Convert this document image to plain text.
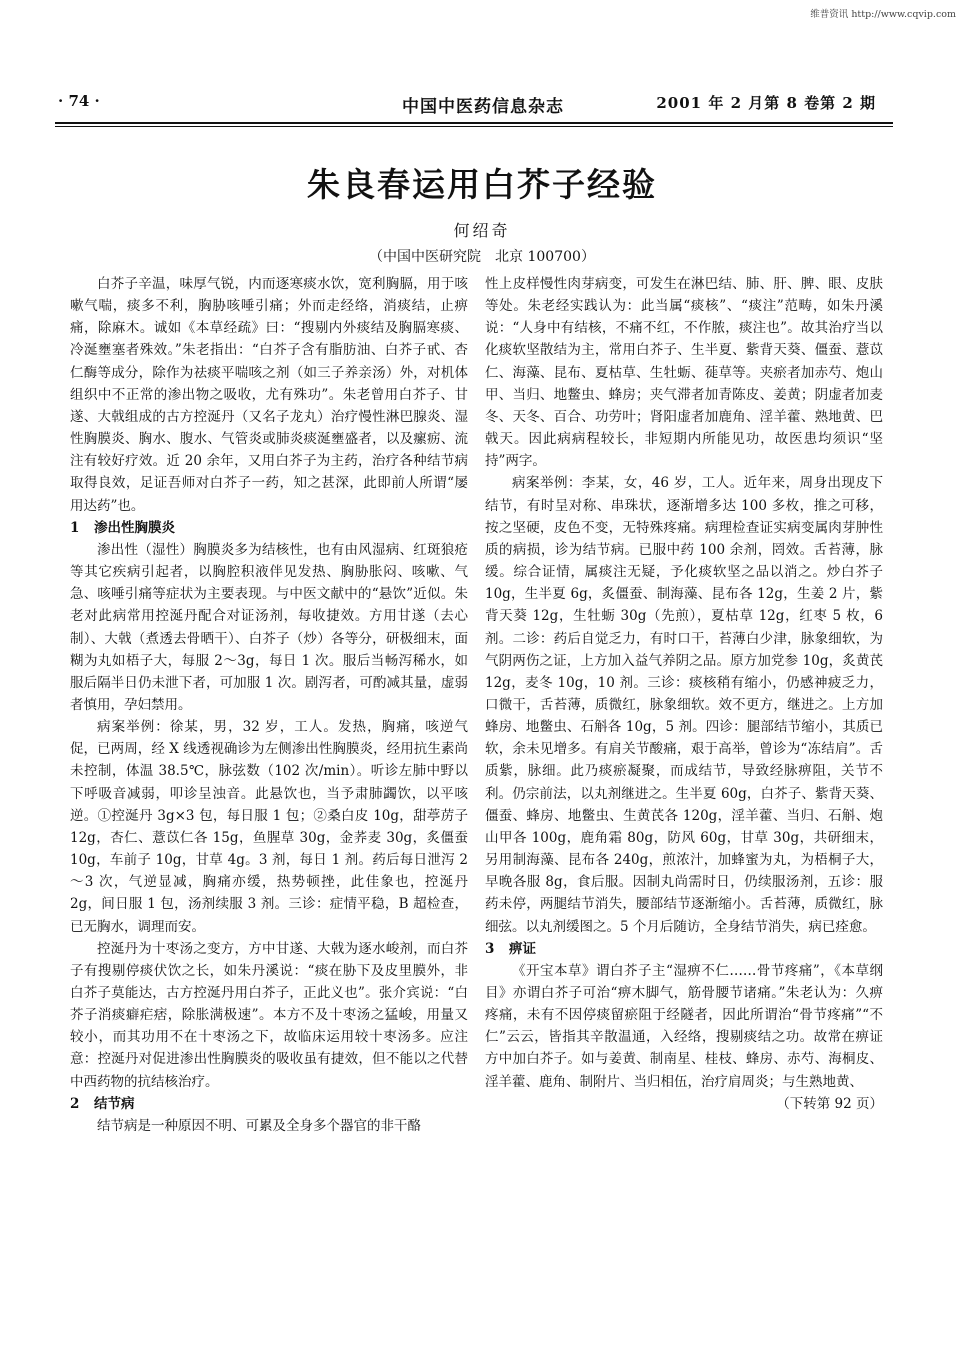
维普资讯 http://www.cqvip.com
· 74 ·	中国中医药信息杂志	2001 年 2 月第 8 卷第 2 期
朱良春运用白芥子经验
何绍奇
（中国中医研究院　北京 100700）

白芥子辛温，味厚气锐，内而逐寒痰水饮，宽利胸膈，用于咳嗽气喘，痰多不利，胸胁咳唾引痛；外而走经络，消痰结，止痹痛，除麻木。诚如《本草经疏》曰：“搜剔内外痰结及胸膈寒痰、冷涎壅塞者殊效。”朱老指出：“白芥子含有脂肪油、白芥子甙、杏仁酶等成分，除作为祛痰平喘咳之剂（如三子养亲汤）外，对机体组织中不正常的渗出物之吸收，尤有殊功”。朱老曾用白芥子、甘遂、大戟组成的古方控涎丹（又名子龙丸）治疗慢性淋巴腺炎、湿性胸膜炎、胸水、腹水、气管炎或肺炎痰涎壅盛者，以及瘰疬、流注有较好疗效。近 20 余年，又用白芥子为主药，治疗各种结节病取得良效，足证吾师对白芥子一药，知之甚深，此即前人所谓“屡用达药”也。

1 渗出性胸膜炎

渗出性（湿性）胸膜炎多为结核性，也有由风湿病、红斑狼疮等其它疾病引起者，以胸腔积液伴见发热、胸胁胀闷、咳嗽、气急、咳唾引痛等症状为主要表现。与中医文献中的“悬饮”近似。朱老对此病常用控涎丹配合对证汤剂，每收捷效。方用甘遂（去心制）、大戟（煮透去骨晒干）、白芥子（炒）各等分，研极细末，面糊为丸如梧子大，每服 2～3g，每日 1 次。服后当畅泻稀水，如服后隔半日仍未泄下者，可加服 1 次。剧泻者，可酌减其量，虚弱者慎用，孕妇禁用。

病案举例：徐某，男，32 岁，工人。发热，胸痛，咳逆气促，已两周，经 X 线透视确诊为左侧渗出性胸膜炎，经用抗生素尚未控制，体温 38.5℃，脉弦数（102 次/min）。听诊左肺中野以下呼吸音减弱，叩诊呈浊音。此悬饮也，当予肃肺蠲饮，以平咳逆。①控涎丹 3g×3 包，每日服 1 包；②桑白皮 10g，甜葶苈子 12g，杏仁、薏苡仁各 15g，鱼腥草 30g，金荞麦 30g，炙僵蚕 10g，车前子 10g，甘草 4g。3 剂，每日 1 剂。药后每日泄泻 2～3 次，气逆显减，胸痛亦缓，热势顿挫，此佳象也，控涎丹 2g，间日服 1 包，汤剂续服 3 剂。三诊：症情平稳，B 超检查，已无胸水，调理而安。

控涎丹为十枣汤之变方，方中甘遂、大戟为逐水峻剂，而白芥子有搜剔停痰伏饮之长，如朱丹溪说：“痰在胁下及皮里膜外，非白芥子莫能达，古方控涎丹用白芥子，正此义也”。张介宾说：“白芥子消痰癖疟痞，除胀满极速”。本方不及十枣汤之猛峻，用量又较小，而其功用不在十枣汤之下，故临床运用较十枣汤多。应注意：控涎丹对促进渗出性胸膜炎的吸收虽有捷效，但不能以之代替中西药物的抗结核治疗。

2 结节病

结节病是一种原因不明、可累及全身多个器官的非干酪

性上皮样慢性肉芽病变，可发生在淋巴结、肺、肝、脾、眼、皮肤等处。朱老经实践认为：此当属“痰核”、“痰注”范畴，如朱丹溪说：“人身中有结核，不痛不红，不作脓，痰注也”。故其治疗当以化痰软坚散结为主，常用白芥子、生半夏、紫背天葵、僵蚕、薏苡仁、海藻、昆布、夏枯草、生牡蛎、蓰草等。夹瘀者加赤芍、炮山甲、当归、地鳖虫、蜂房；夹气滞者加青陈皮、姜黄；阴虚者加麦冬、天冬、百合、功劳叶；肾阳虚者加鹿角、淫羊藿、熟地黄、巴戟天。因此病病程较长，非短期内所能见功，故医患均须识“坚持”两字。

病案举例：李某，女，46 岁，工人。近年来，周身出现皮下结节，有时呈对称、串珠状，逐渐增多达 100 多枚，推之可移，按之坚硬，皮色不变，无特殊疼痛。病理检查证实病变属肉芽肿性质的病损，诊为结节病。已服中药 100 余剂，罔效。舌苔薄，脉缓。综合证情，属痰注无疑，予化痰软坚之品以消之。炒白芥子 10g，生半夏 6g，炙僵蚕、制海藻、昆布各 12g，生姜 2 片，紫背天葵 12g，生牡蛎 30g（先煎），夏枯草 12g，红枣 5 枚，6 剂。二诊：药后自觉乏力，有时口干，苔薄白少津，脉象细软，为气阴两伤之证，上方加入益气养阴之品。原方加党参 10g，炙黄芪 12g，麦冬 10g，10 剂。三诊：痰核稍有缩小，仍感神疲乏力，口微干，舌苔薄，质微红，脉象细软。效不更方，继进之。上方加蜂房、地鳖虫、石斛各 10g，5 剂。四诊：腿部结节缩小，其质已软，余未见增多。有肩关节酸痛，艰于高举，曾诊为“冻结肩”。舌质紫，脉细。此乃痰瘀凝聚，而成结节，导致经脉痹阻，关节不利。仍宗前法，以丸剂继进之。生半夏 60g，白芥子、紫背天葵、僵蚕、蜂房、地鳖虫、生黄芪各 120g，淫羊藿、当归、石斛、炮山甲各 100g，鹿角霜 80g，防风 60g，甘草 30g，共研细末，另用制海藻、昆布各 240g，煎浓汁，加蜂蜜为丸，为梧桐子大，早晚各服 8g，食后服。因制丸尚需时日，仍续服汤剂，五诊：服药未停，两腿结节消失，腰部结节逐渐缩小。舌苔薄，质微红，脉细弦。以丸剂缓图之。5 个月后随访，全身结节消失，病已痊愈。

3 痹证

《开宝本草》谓白芥子主“湿痹不仁……骨节疼痛”，《本草纲目》亦谓白芥子可治“痹木脚气，筋骨腰节诸痛。”朱老认为：久痹疼痛，未有不因停痰留瘀阻于经隧者，因此所谓治“骨节疼痛”“不仁”云云，皆指其辛散温通，入经络，搜剔痰结之功。故常在痹证方中加白芥子。如与姜黄、制南星、桂枝、蜂房、赤芍、海桐皮、淫羊藿、鹿角、制附片、当归相伍，治疗肩周炎；与生熟地黄、
（下转第 92 页）
